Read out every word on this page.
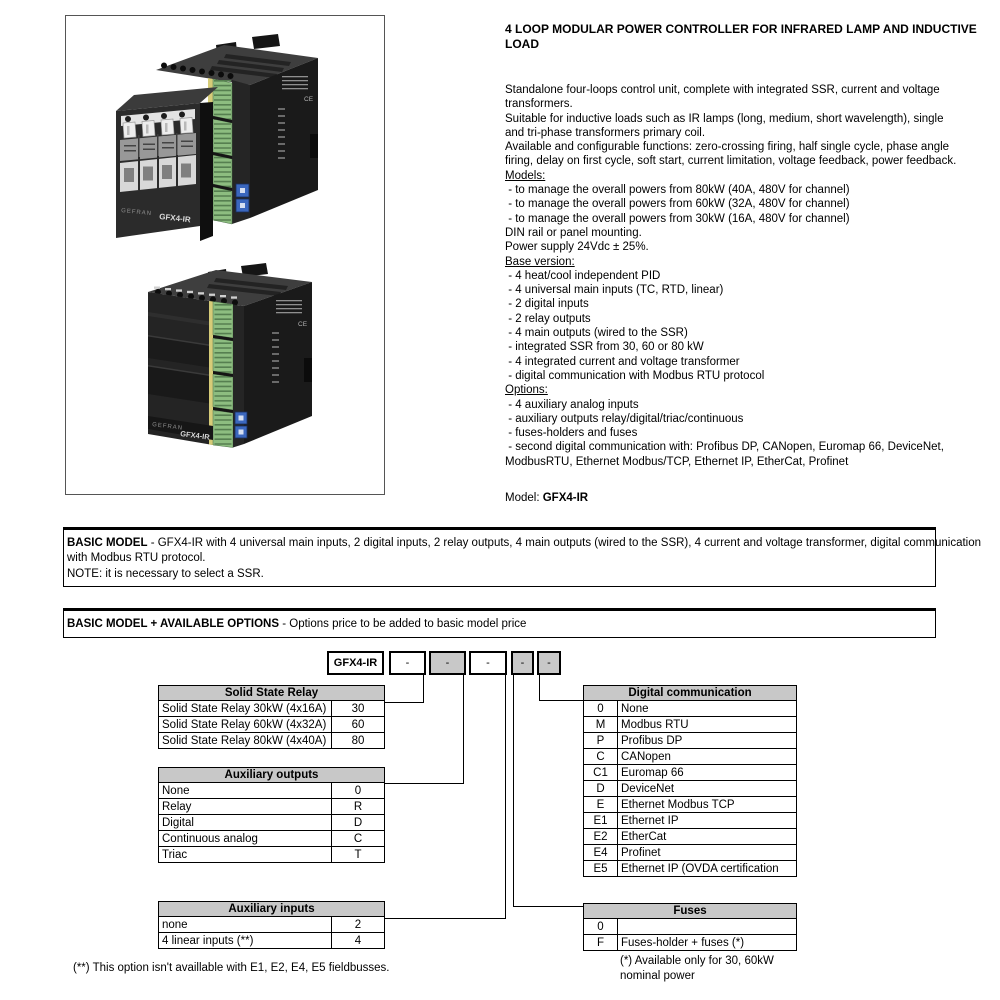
CE
GEFRAN GFX4-IR
CE
GEFRAN
GFX4-IR
4 LOOP MODULAR POWER CONTROLLER FOR INFRARED LAMP AND INDUCTIVE
LOAD
Standalone four-loops control unit, complete with integrated SSR, current and voltage
transformers.
Suitable for inductive loads such as IR lamps (long, medium, short wavelength), single
and tri-phase transformers primary coil.
Available and configurable functions: zero-crossing firing, half single cycle, phase angle
firing, delay on first cycle, soft start, current limitation, voltage feedback, power feedback.
Models:
- to manage the overall powers from 80kW (40A, 480V for channel)
- to manage the overall powers from 60kW (32A, 480V for channel)
- to manage the overall powers from 30kW (16A, 480V for channel)
DIN rail or panel mounting.
Power supply 24Vdc ± 25%.
Base version:
- 4 heat/cool independent PID
- 4 universal main inputs (TC, RTD, linear)
- 2 digital inputs
- 2 relay outputs
- 4 main outputs (wired to the SSR)
- integrated SSR from 30, 60 or 80 kW
- 4 integrated current and voltage transformer
- digital communication with Modbus RTU protocol
Options:
- 4 auxiliary analog inputs
- auxiliary outputs relay/digital/triac/continuous
- fuses-holders and fuses
- second digital communication with: Profibus DP, CANopen, Euromap 66, DeviceNet,
ModbusRTU, Ethernet Modbus/TCP, Ethernet IP, EtherCat, Profinet
Model: GFX4-IR
BASIC MODEL - GFX4-IR with 4 universal main inputs, 2 digital inputs, 2 relay outputs, 4 main outputs (wired to the SSR), 4 current and voltage transformer, digital communication
with Modbus RTU protocol.
NOTE: it is necessary to select a SSR.
BASIC MODEL + AVAILABLE OPTIONS - Options price to be added to basic model price
GFX4-IR	-	-	-	-	-
Solid State Relay	
Solid State Relay 30kW (4x16A)	30
Solid State Relay 60kW (4x32A)	60
Solid State Relay 80kW (4x40A)	80
Auxiliary outputs	
None	0
Relay	R
Digital	D
Continuous analog	C
Triac	T
Auxiliary inputs	
none	2
4 linear inputs (**)	4
Digital communication	
0	None
M	Modbus RTU
P	Profibus DP
C	CANopen
C1	Euromap 66
D	DeviceNet
E	Ethernet Modbus TCP
E1	Ethernet IP
E2	EtherCat
E4	Profinet
E5	Ethernet IP (OVDA certification
Fuses	
0	
F	Fuses-holder + fuses (*)
(*) Available only for 30, 60kW
nominal power
(**) This option isn't availlable with E1, E2, E4, E5 fieldbusses.
